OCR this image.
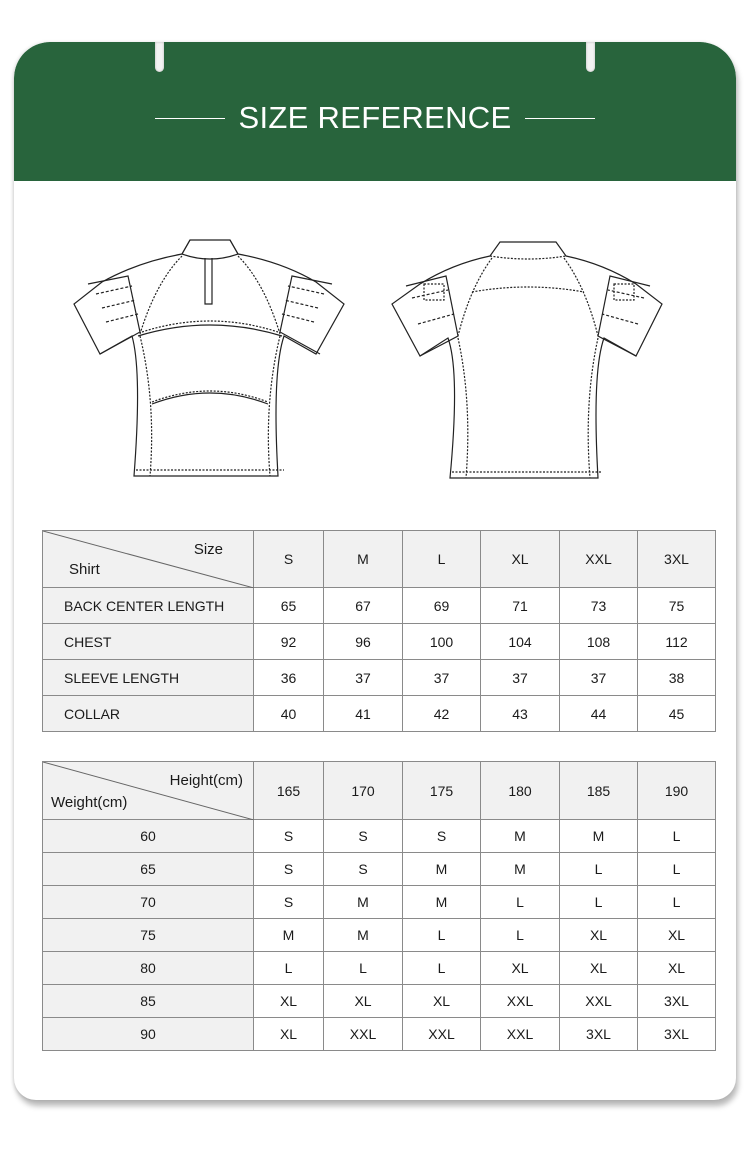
SIZE REFERENCE
Size
Shirt	S	M	L	XL	XXL	3XL
BACK CENTER LENGTH	65	67	69	71	73	75
CHEST	92	96	100	104	108	112
SLEEVE LENGTH	36	37	37	37	37	38
COLLAR	40	41	42	43	44	45
Height(cm)
Weight(cm)	165	170	175	180	185	190
60	S	S	S	M	M	L
65	S	S	M	M	L	L
70	S	M	M	L	L	L
75	M	M	L	L	XL	XL
80	L	L	L	XL	XL	XL
85	XL	XL	XL	XXL	XXL	3XL
90	XL	XXL	XXL	XXL	3XL	3XL
